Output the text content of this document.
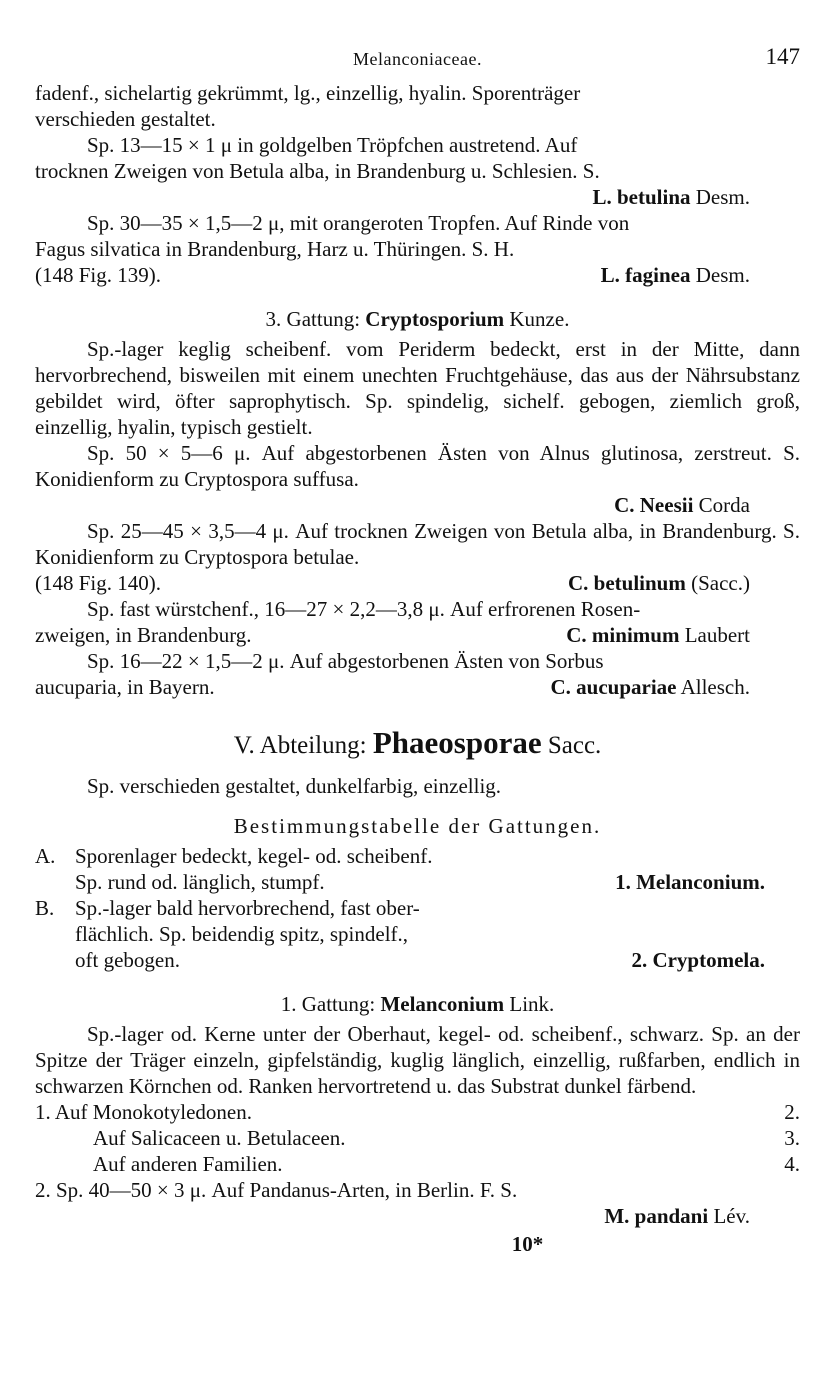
Melanconiaceae.	147

fadenf., sichelartig gekrümmt, lg., einzellig, hyalin. Sporenträger

verschieden gestaltet.

Sp. 13—15 × 1 μ in goldgelben Tröpfchen austretend. Auf

trocknen Zweigen von Betula alba, in Brandenburg u. Schlesien. S.

L. betulina Desm.

Sp. 30—35 × 1,5—2 μ, mit orangeroten Tropfen. Auf Rinde von

Fagus silvatica in Brandenburg, Harz u. Thüringen. S. H.

(148 Fig. 139).	L. faginea Desm.
3. Gattung: Cryptosporium Kunze.

Sp.-lager keglig scheibenf. vom Periderm bedeckt, erst in der Mitte, dann hervorbrechend, bisweilen mit einem unechten Fruchtgehäuse, das aus der Nährsubstanz gebildet wird, öfter saprophytisch. Sp. spindelig, sichelf. gebogen, ziemlich groß, einzellig, hyalin, typisch gestielt.

Sp. 50 × 5—6 μ. Auf abgestorbenen Ästen von Alnus glutinosa, zerstreut. S. Konidienform zu Cryptospora suffusa.

C. Neesii Corda

Sp. 25—45 × 3,5—4 μ. Auf trocknen Zweigen von Betula alba, in Brandenburg. S. Konidienform zu Cryptospora betulae.

(148 Fig. 140).	C. betulinum (Sacc.)

Sp. fast würstchenf., 16—27 × 2,2—3,8 μ. Auf erfrorenen Rosen-

zweigen, in Brandenburg.	C. minimum Laubert

Sp. 16—22 × 1,5—2 μ. Auf abgestorbenen Ästen von Sorbus

aucuparia, in Bayern.	C. aucupariae Allesch.
V. Abteilung: Phaeosporae Sacc.

Sp. verschieden gestaltet, dunkelfarbig, einzellig.

Bestimmungstabelle der Gattungen.
A. Sporenlager bedeckt, kegel- od. scheibenf.
Sp. rund od. länglich, stumpf.	1. Melanconium.
B. Sp.-lager bald hervorbrechend, fast ober-
flächlich. Sp. beidendig spitz, spindelf.,
oft gebogen.	2. Cryptomela.
1. Gattung: Melanconium Link.

Sp.-lager od. Kerne unter der Oberhaut, kegel- od. scheibenf., schwarz. Sp. an der Spitze der Träger einzeln, gipfelständig, kuglig länglich, einzellig, rußfarben, endlich in schwarzen Körnchen od. Ranken hervortretend u. das Substrat dunkel färbend.

1. Auf Monokotyledonen.	2.
Auf Salicaceen u. Betulaceen.	3.
Auf anderen Familien.	4.

2. Sp. 40—50 × 3 μ. Auf Pandanus-Arten, in Berlin. F. S.

M. pandani Lév.
10*
